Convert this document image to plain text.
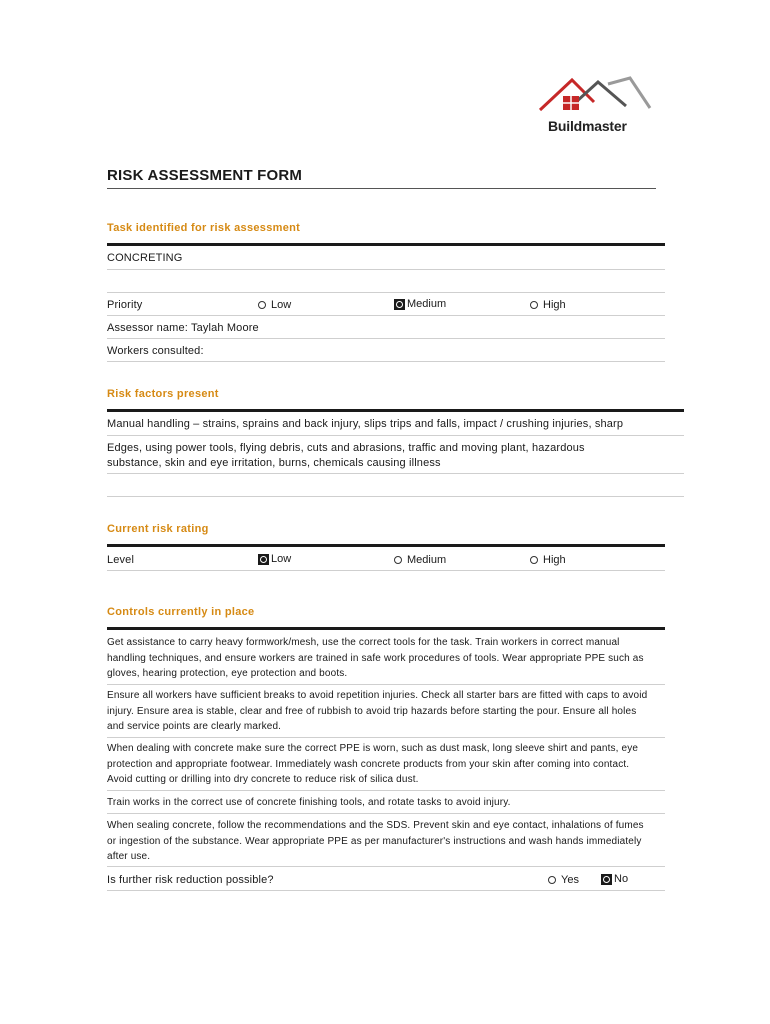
Buildmaster
RISK ASSESSMENT FORM
Task identified for risk assessment
CONCRETING
Priority	Low	Medium	High
Assessor name: Taylah Moore
Workers consulted:
Risk factors present
Manual handling – strains, sprains and back injury, slips trips and falls, impact / crushing injuries, sharp
Edges, using power tools, flying debris, cuts and abrasions, traffic and moving plant, hazardous
substance, skin and eye irritation, burns, chemicals causing illness
Current risk rating
Level	Low	Medium	High
Controls currently in place
Get assistance to carry heavy formwork/mesh, use the correct tools for the task. Train workers in correct manual handling techniques, and ensure workers are trained in safe work procedures of tools. Wear appropriate PPE such as gloves, hearing protection, eye protection and boots.
Ensure all workers have sufficient breaks to avoid repetition injuries. Check all starter bars are fitted with caps to avoid injury. Ensure area is stable, clear and free of rubbish to avoid trip hazards before starting the pour. Ensure all holes and service points are clearly marked.
When dealing with concrete make sure the correct PPE is worn, such as dust mask, long sleeve shirt and pants, eye protection and appropriate footwear. Immediately wash concrete products from your skin after coming into contact. Avoid cutting or drilling into dry concrete to reduce risk of silica dust.
Train works in the correct use of concrete finishing tools, and rotate tasks to avoid injury.
When sealing concrete, follow the recommendations and the SDS. Prevent skin and eye contact, inhalations of fumes or ingestion of the substance. Wear appropriate PPE as per manufacturer's instructions and wash hands immediately after use.
Is further risk reduction possible?	Yes	No
